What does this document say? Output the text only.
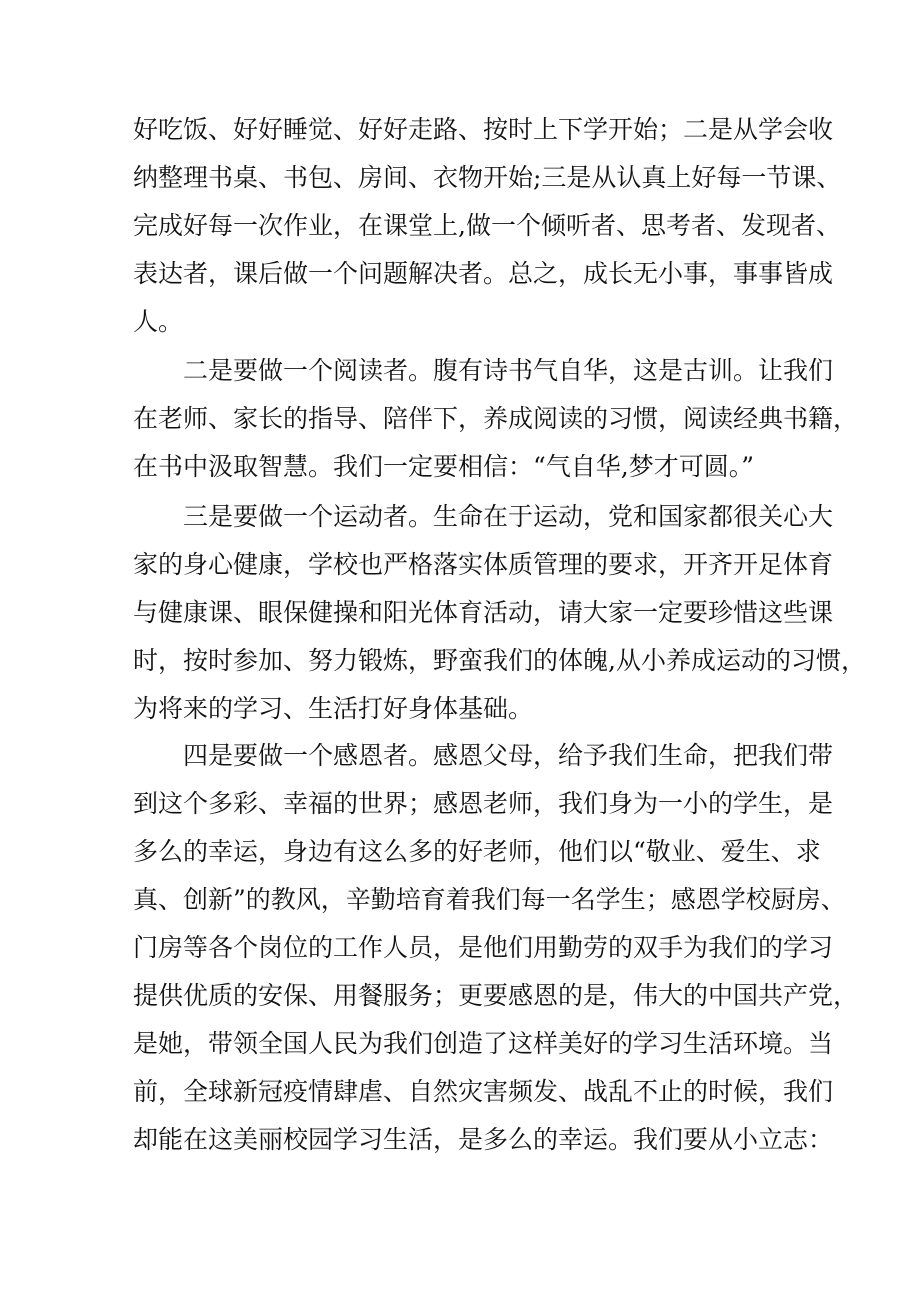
好吃饭、好好睡觉、好好走路、按时上下学开始；二是从学会收
纳整理书桌、书包、房间、衣物开始;三是从认真上好每一节课、
完成好每一次作业，在课堂上,做一个倾听者、思考者、发现者、
表达者，课后做一个问题解决者。总之，成长无小事，事事皆成
人。
二是要做一个阅读者。腹有诗书气自华，这是古训。让我们
在老师、家长的指导、陪伴下，养成阅读的习惯，阅读经典书籍，
在书中汲取智慧。我们一定要相信：“气自华,梦才可圆。”
三是要做一个运动者。生命在于运动，党和国家都很关心大
家的身心健康，学校也严格落实体质管理的要求，开齐开足体育
与健康课、眼保健操和阳光体育活动，请大家一定要珍惜这些课
时，按时参加、努力锻炼，野蛮我们的体魄,从小养成运动的习惯，
为将来的学习、生活打好身体基础。
四是要做一个感恩者。感恩父母，给予我们生命，把我们带
到这个多彩、幸福的世界；感恩老师，我们身为一小的学生，是
多么的幸运，身边有这么多的好老师，他们以“敬业、爱生、求
真、创新”的教风，辛勤培育着我们每一名学生；感恩学校厨房、
门房等各个岗位的工作人员，是他们用勤劳的双手为我们的学习
提供优质的安保、用餐服务；更要感恩的是，伟大的中国共产党，
是她，带领全国人民为我们创造了这样美好的学习生活环境。当
前，全球新冠疫情肆虐、自然灾害频发、战乱不止的时候，我们
却能在这美丽校园学习生活，是多么的幸运。我们要从小立志：
